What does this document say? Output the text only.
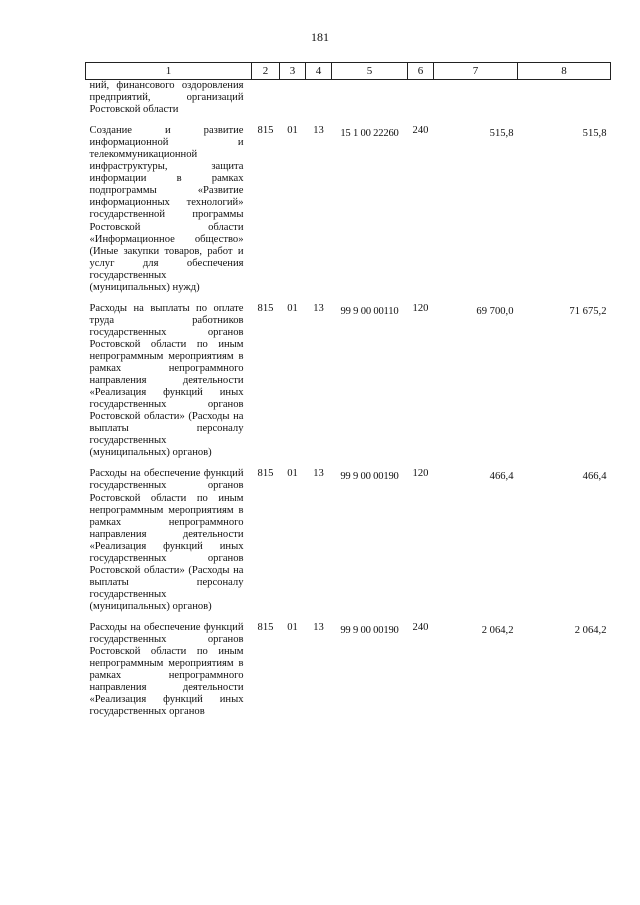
181
1	2	3	4	5	6	7	8
ний, финансового оздоровления предприятий, организаций Ростовской области							
Создание и развитие информационной и телекоммуникационной инфраструктуры, защита информации в рамках подпрограммы «Развитие информационных технологий» государственной программы Ростовской области «Информационное общество» (Иные закупки товаров, работ и услуг для обеспечения государственных (муниципальных) нужд)	815	01	13	15 1 00 22260	240	515,8	515,8
Расходы на выплаты по оплате труда работников государственных органов Ростовской области по иным непрограммным мероприятиям в рамках непрограммного направления деятельности «Реализация функций иных государственных органов Ростовской области» (Расходы на выплаты персоналу государственных (муниципальных) органов)	815	01	13	99 9 00 00110	120	69 700,0	71 675,2
Расходы на обеспечение функций государственных органов Ростовской области по иным непрограммным мероприятиям в рамках непрограммного направления деятельности «Реализация функций иных государственных органов Ростовской области» (Расходы на выплаты персоналу государственных (муниципальных) органов)	815	01	13	99 9 00 00190	120	466,4	466,4
Расходы на обеспечение функций государственных органов Ростовской области по иным непрограммным мероприятиям в рамках непрограммного направления деятельности «Реализация функций иных государственных органов	815	01	13	99 9 00 00190	240	2 064,2	2 064,2
